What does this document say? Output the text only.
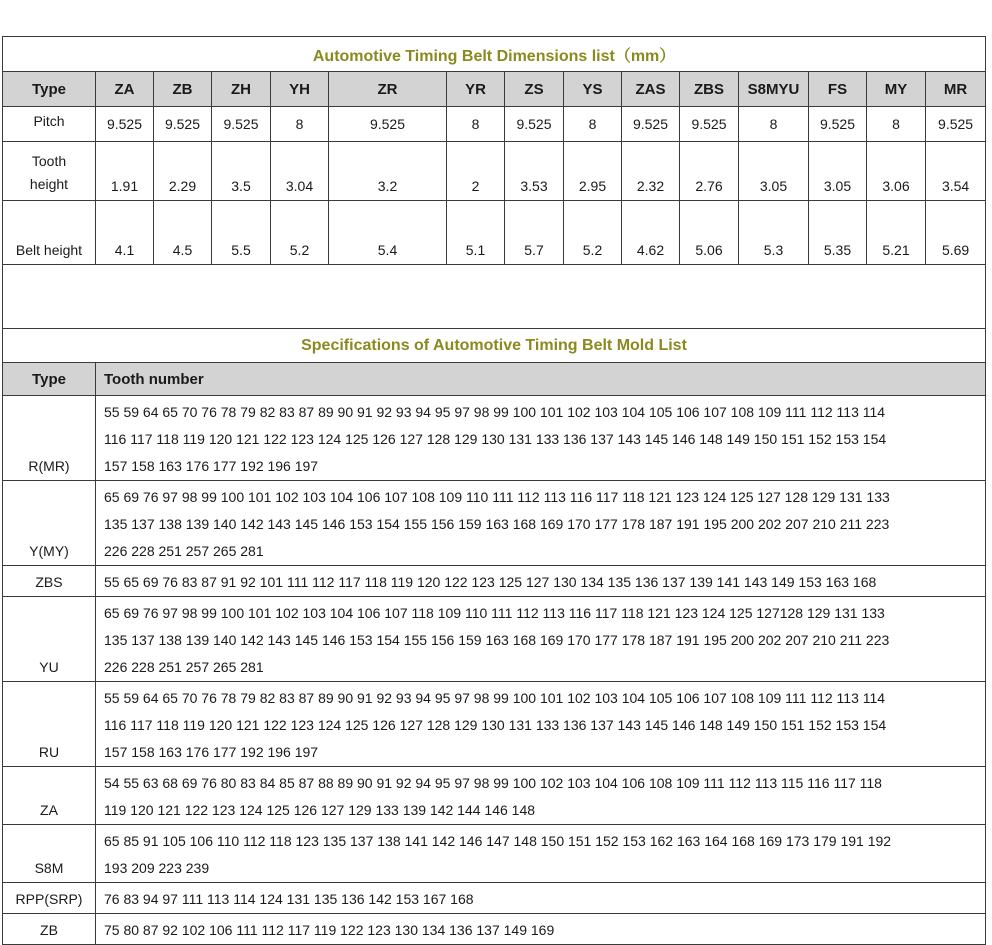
Automotive Timing Belt Dimensions list（mm）														
Type	ZA	ZB	ZH	YH	ZR	YR	ZS	YS	ZAS	ZBS	S8MYU	FS	MY	MR
Pitch	9.525	9.525	9.525	8	9.525	8	9.525	8	9.525	9.525	8	9.525	8	9.525

Tooth
height	1.91	2.29	3.5	3.04	3.2	2	3.53	2.95	2.32	2.76	3.05	3.05	3.06	3.54
Belt height	4.1	4.5	5.5	5.2	5.4	5.1	5.7	5.2	4.62	5.06	5.3	5.35	5.21	5.69

Specifications of Automotive Timing Belt Mold List	
Type	Tooth number
R(MR)	55 59 64 65 70 76 78 79 82 83 87 89 90 91 92 93 94 95 97 98 99 100 101 102 103 104 105 106 107 108 109 111 112 113 114
116 117 118 119 120 121 122 123 124 125 126 127 128 129 130 131 133 136 137 143 145 146 148 149 150 151 152 153 154
157 158 163 176 177 192 196 197

Y(MY)	65 69 76 97 98 99 100 101 102 103 104 106 107 108 109 110 111 112 113 116 117 118 121 123 124 125 127 128 129 131 133
135 137 138 139 140 142 143 145 146 153 154 155 156 159 163 168 169 170 177 178 187 191 195 200 202 207 210 211 223
226 228 251 257 265 281

ZBS	55 65 69 76 83 87 91 92 101 111 112 117 118 119 120 122 123 125 127 130 134 135 136 137 139 141 143 149 153 163 168

YU	65 69 76 97 98 99 100 101 102 103 104 106 107 118 109 110 111 112 113 116 117 118 121 123 124 125 127128 129 131 133
135 137 138 139 140 142 143 145 146 153 154 155 156 159 163 168 169 170 177 178 187 191 195 200 202 207 210 211 223
226 228 251 257 265 281

RU	55 59 64 65 70 76 78 79 82 83 87 89 90 91 92 93 94 95 97 98 99 100 101 102 103 104 105 106 107 108 109 111 112 113 114
116 117 118 119 120 121 122 123 124 125 126 127 128 129 130 131 133 136 137 143 145 146 148 149 150 151 152 153 154
157 158 163 176 177 192 196 197

ZA	54 55 63 68 69 76 80 83 84 85 87 88 89 90 91 92 94 95 97 98 99 100 102 103 104 106 108 109 111 112 113 115 116 117 118
119 120 121 122 123 124 125 126 127 129 133 139 142 144 146 148

S8M	65 85 91 105 106 110 112 118 123 135 137 138 141 142 146 147 148 150 151 152 153 162 163 164 168 169 173 179 191 192
193 209 223 239

RPP(SRP)	76 83 94 97 111 113 114 124 131 135 136 142 153 167 168

ZB	75 80 87 92 102 106 111 112 117 119 122 123 130 134 136 137 149 169
